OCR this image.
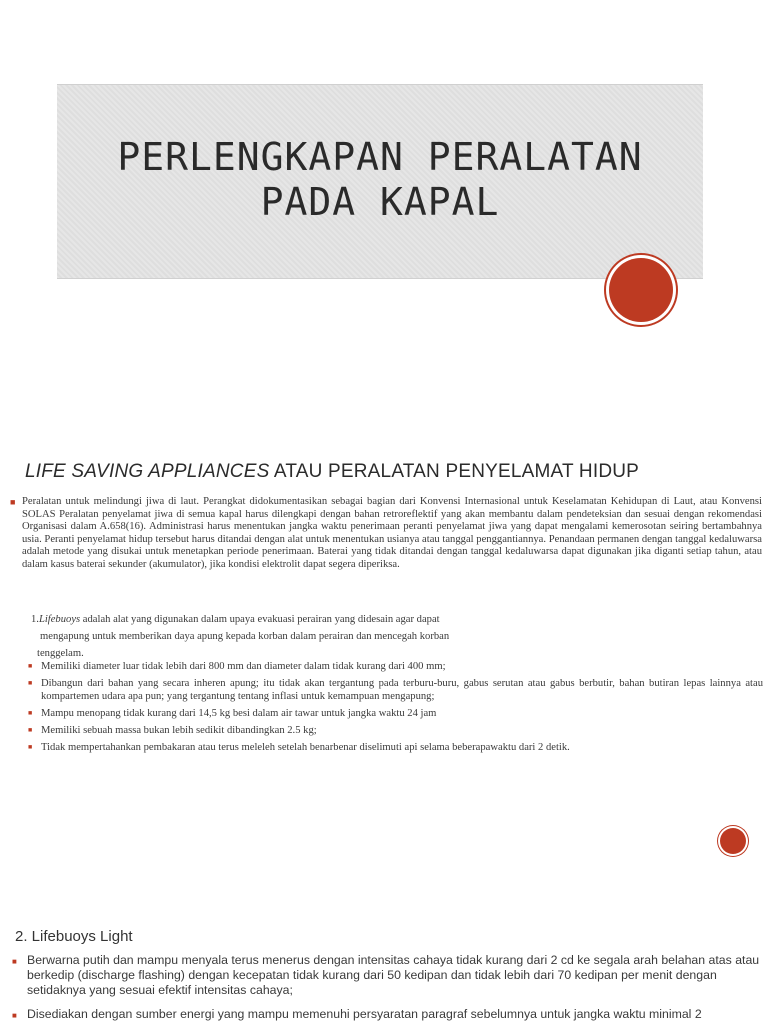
PERLENGKAPAN PERALATAN
PADA KAPAL
LIFE SAVING APPLIANCES ATAU PERALATAN PENYELAMAT HIDUP
■ Peralatan untuk melindungi jiwa di laut. Perangkat didokumentasikan sebagai bagian dari Konvensi Internasional untuk Keselamatan Kehidupan di Laut, atau Konvensi SOLAS Peralatan penyelamat jiwa di semua kapal harus dilengkapi dengan bahan retroreflektif yang akan membantu dalam pendeteksian dan sesuai dengan rekomendasi Organisasi dalam A.658(16). Administrasi harus menentukan jangka waktu penerimaan peranti penyelamat jiwa yang dapat mengalami kemerosotan seiring bertambahnya usia. Peranti penyelamat hidup tersebut harus ditandai dengan alat untuk menentukan usianya atau tanggal penggantiannya. Penandaan permanen dengan tanggal kedaluwarsa adalah metode yang disukai untuk menetapkan periode penerimaan. Baterai yang tidak ditandai dengan tanggal kedaluwarsa dapat digunakan jika diganti setiap tahun, atau dalam kasus baterai sekunder (akumulator), jika kondisi elektrolit dapat segera diperiksa.
1.Lifebuoys adalah alat yang digunakan dalam upaya evakuasi perairan yang didesain agar dapat
mengapung untuk memberikan daya apung kepada korban dalam perairan dan mencegah korban
tenggelam.
■ Memiliki diameter luar tidak lebih dari 800 mm dan diameter dalam tidak kurang dari 400 mm;
■ Dibangun dari bahan yang secara inheren apung; itu tidak akan tergantung pada terburu-buru, gabus serutan atau gabus berbutir, bahan butiran lepas lainnya atau kompartemen udara apa pun; yang tergantung tentang inflasi untuk kemampuan mengapung;
■ Mampu menopang tidak kurang dari 14,5 kg besi dalam air tawar untuk jangka waktu 24 jam
■ Memiliki sebuah massa bukan lebih sedikit dibandingkan 2.5 kg;
■ Tidak mempertahankan pembakaran atau terus meleleh setelah benarbenar diselimuti api selama beberapawaktu dari 2 detik.
2. Lifebuoys Light
■ Berwarna putih dan mampu menyala terus menerus dengan intensitas cahaya tidak kurang dari 2 cd ke segala arah belahan atas atau berkedip (discharge flashing) dengan kecepatan tidak kurang dari 50 kedipan dan tidak lebih dari 70 kedipan per menit dengan setidaknya yang sesuai efektif intensitas cahaya;
■ Disediakan dengan sumber energi yang mampu memenuhi persyaratan paragraf sebelumnya untuk jangka waktu minimal 2
